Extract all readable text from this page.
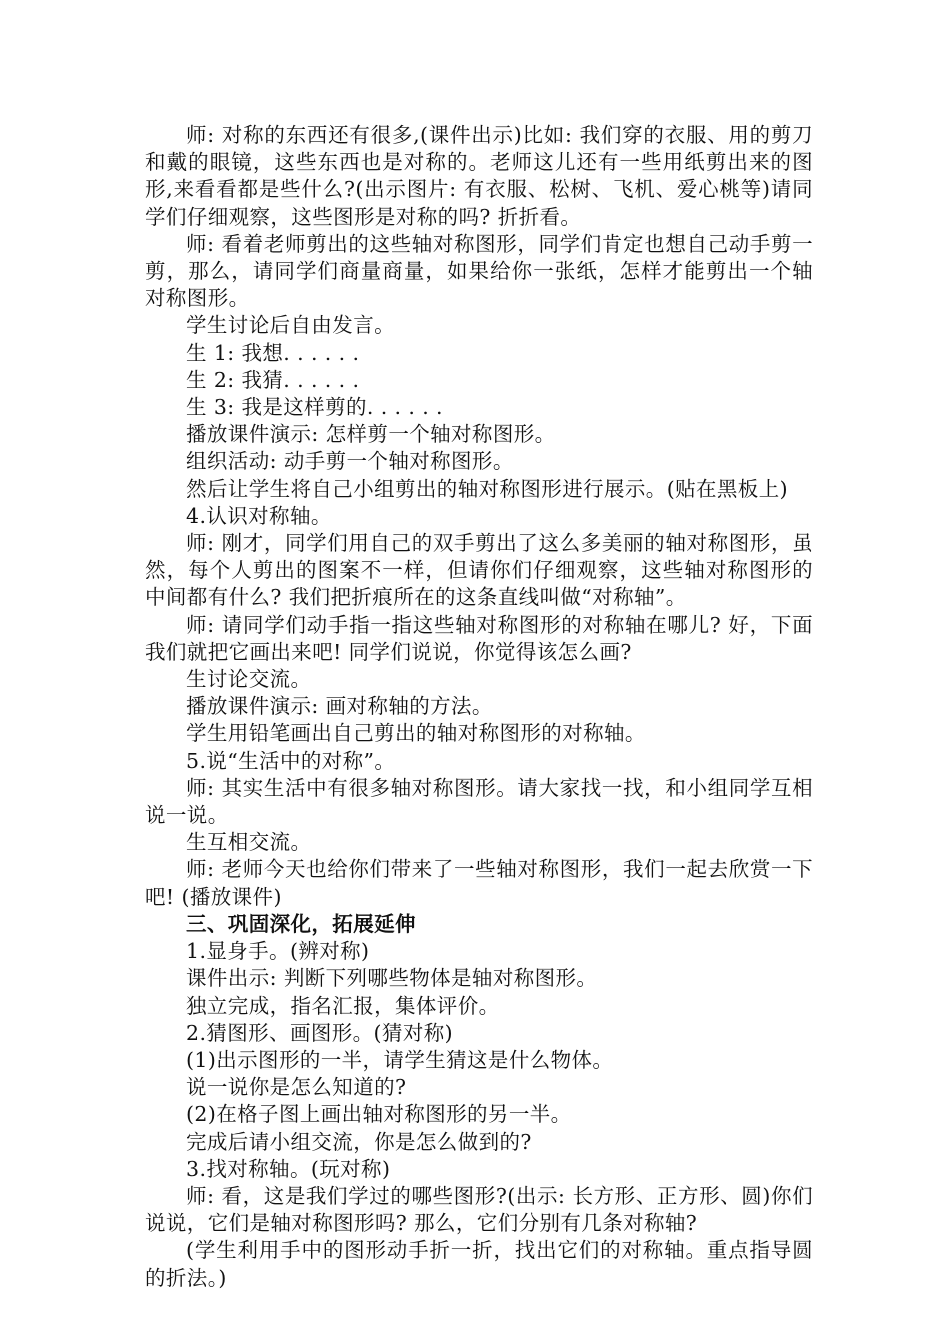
师: 对称的东西还有很多,(课件出示)比如: 我们穿的衣服、用的剪刀和戴的眼镜，这些东西也是对称的。老师这儿还有一些用纸剪出来的图形,来看看都是些什么?(出示图片: 有衣服、松树、飞机、爱心桃等)请同学们仔细观察，这些图形是对称的吗? 折折看。

师: 看着老师剪出的这些轴对称图形，同学们肯定也想自己动手剪一剪，那么，请同学们商量商量，如果给你一张纸，怎样才能剪出一个轴对称图形。

学生讨论后自由发言。

生 1: 我想. . . . . .

生 2: 我猜. . . . . .

生 3: 我是这样剪的. . . . . .

播放课件演示: 怎样剪一个轴对称图形。

组织活动: 动手剪一个轴对称图形。

然后让学生将自己小组剪出的轴对称图形进行展示。(贴在黑板上)

4.认识对称轴。

师: 刚才，同学们用自己的双手剪出了这么多美丽的轴对称图形，虽然，每个人剪出的图案不一样，但请你们仔细观察，这些轴对称图形的中间都有什么? 我们把折痕所在的这条直线叫做“对称轴”。

师: 请同学们动手指一指这些轴对称图形的对称轴在哪儿? 好，下面我们就把它画出来吧! 同学们说说，你觉得该怎么画?

生讨论交流。

播放课件演示: 画对称轴的方法。

学生用铅笔画出自己剪出的轴对称图形的对称轴。

5.说“生活中的对称”。

师: 其实生活中有很多轴对称图形。请大家找一找，和小组同学互相说一说。

生互相交流。

师: 老师今天也给你们带来了一些轴对称图形，我们一起去欣赏一下吧! (播放课件)

三、巩固深化，拓展延伸

1.显身手。(辨对称)

课件出示: 判断下列哪些物体是轴对称图形。

独立完成，指名汇报，集体评价。

2.猜图形、画图形。(猜对称)

(1)出示图形的一半，请学生猜这是什么物体。

说一说你是怎么知道的?

(2)在格子图上画出轴对称图形的另一半。

完成后请小组交流，你是怎么做到的?

3.找对称轴。(玩对称)

师: 看，这是我们学过的哪些图形?(出示: 长方形、正方形、圆)你们说说，它们是轴对称图形吗? 那么，它们分别有几条对称轴?

(学生利用手中的图形动手折一折，找出它们的对称轴。重点指导圆的折法。)
